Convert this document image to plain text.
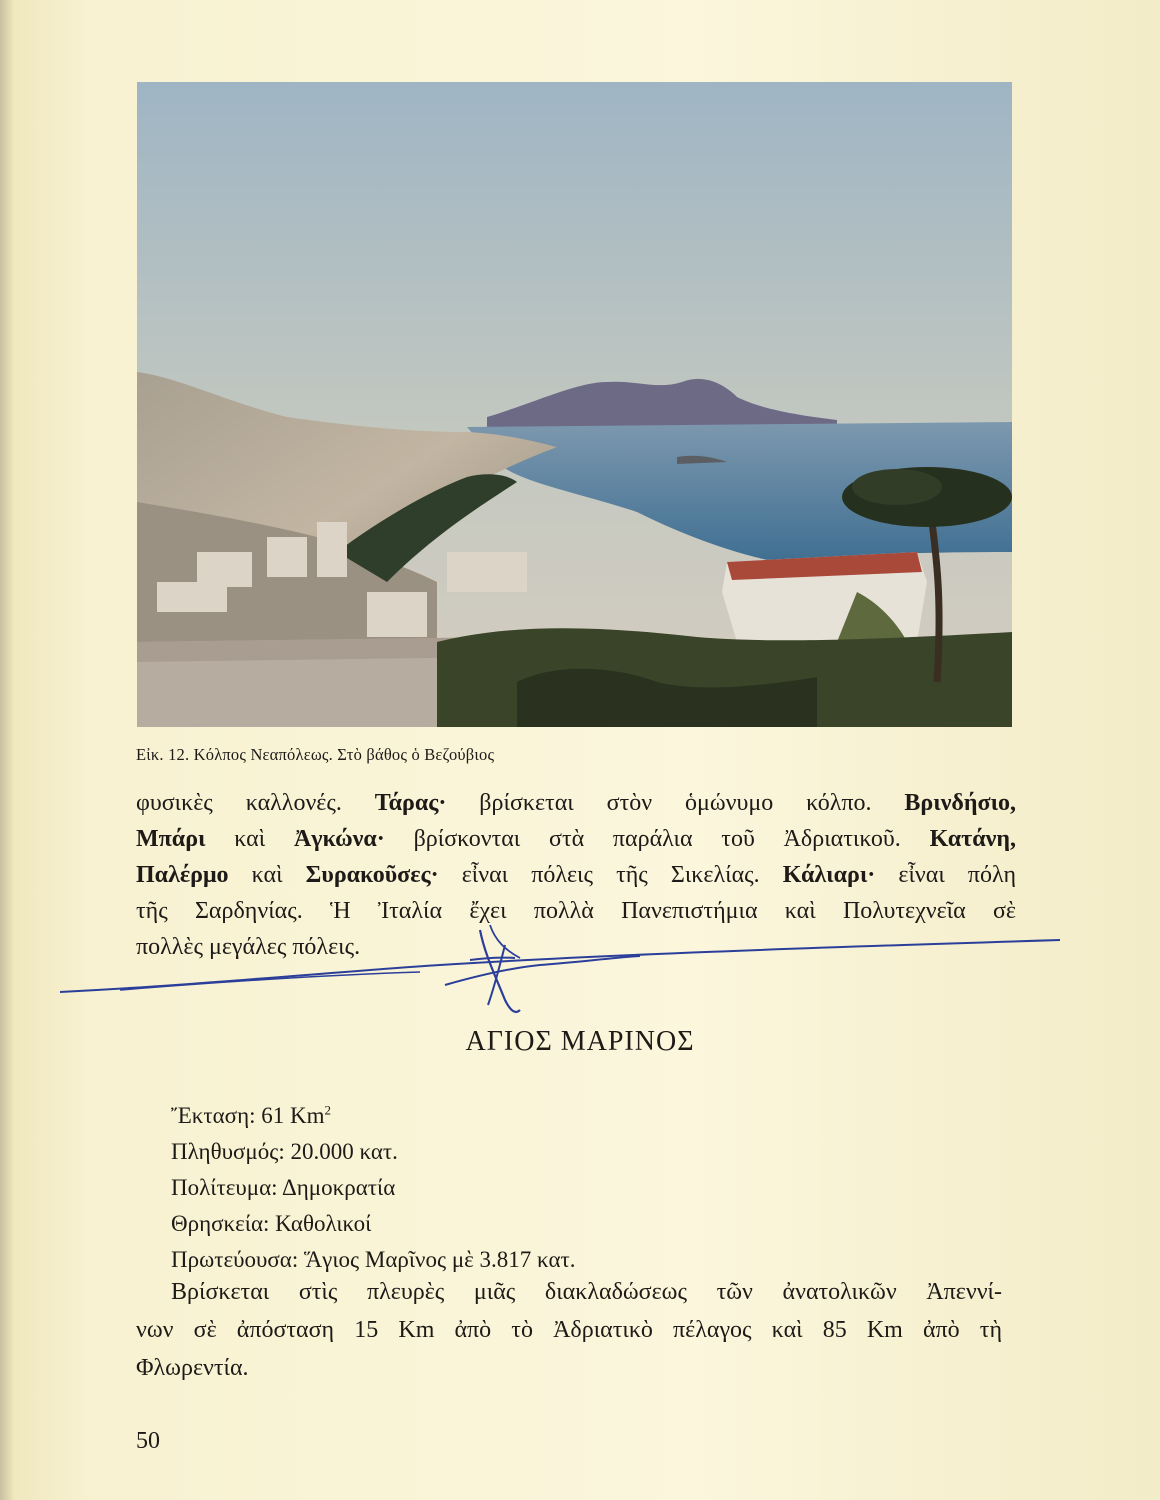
Εἰκ. 12. Κόλπος Νεαπόλεως. Στὸ βάθος ὁ Βεζούβιος
φυσικὲς καλλονές. Τάρας· βρίσκεται στὸν ὁμώνυμο κόλπο. Βρινδήσιο,
Μπάρι καὶ Ἀγκώνα· βρίσκονται στὰ παράλια τοῦ Ἀδριατικοῦ. Κατάνη,
Παλέρμο καὶ Συρακοῦσες· εἶναι πόλεις τῆς Σικελίας. Κάλιαρι· εἶναι πόλη
τῆς Σαρδηνίας. Ἡ Ἰταλία ἔχει πολλὰ Πανεπιστήμια καὶ Πολυτεχνεῖα σὲ
πολλὲς μεγάλες πόλεις.
ΑΓΙΟΣ ΜΑΡΙΝΟΣ
Ἔκταση: 61 Km$^2$
Πληθυσμός: 20.000 κατ.
Πολίτευμα: Δημοκρατία
Θρησκεία: Καθολικοί
Πρωτεύουσα: Ἅγιος Μαρῖνος μὲ 3.817 κατ.
Βρίσκεται στὶς πλευρὲς μιᾶς διακλαδώσεως τῶν ἀνατολικῶν Ἀπεννί-
νων σὲ ἀπόσταση 15 Km ἀπὸ τὸ Ἀδριατικὸ πέλαγος καὶ 85 Km ἀπὸ τὴ
Φλωρεντία.
50
